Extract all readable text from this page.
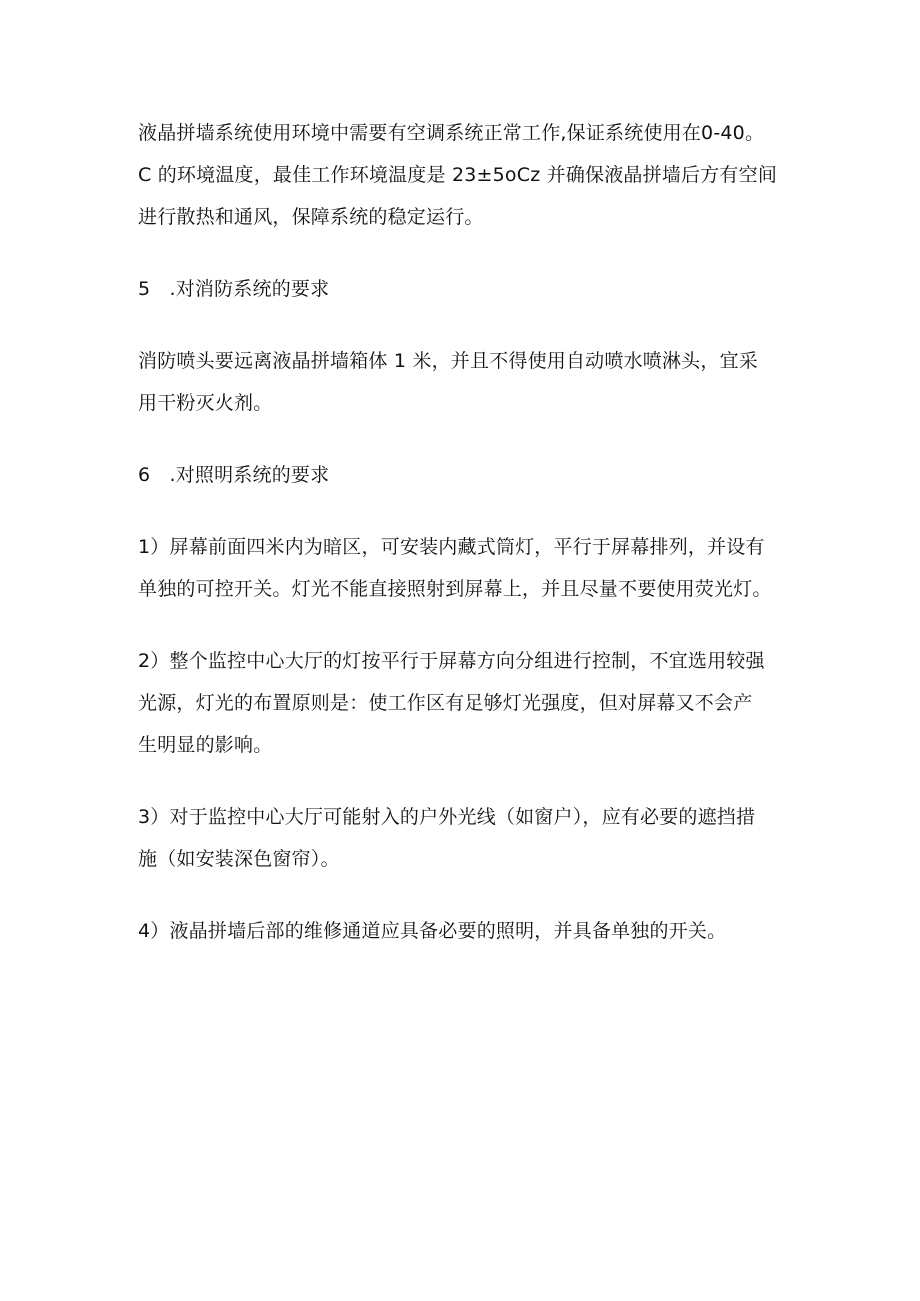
液晶拼墙系统使用环境中需要有空调系统正常工作,保证系统使用在0-40。
C 的环境温度，最佳工作环境温度是 23±5oCz 并确保液晶拼墙后方有空间
进行散热和通风，保障系统的稳定运行。
5　.对消防系统的要求
消防喷头要远离液晶拼墙箱体 1 米，并且不得使用自动喷水喷淋头，宜采
用干粉灭火剂。
6　.对照明系统的要求
1）屏幕前面四米内为暗区，可安装内藏式筒灯，平行于屏幕排列，并设有
单独的可控开关。灯光不能直接照射到屏幕上，并且尽量不要使用荧光灯。
2）整个监控中心大厅的灯按平行于屏幕方向分组进行控制，不宜选用较强
光源，灯光的布置原则是：使工作区有足够灯光强度，但对屏幕又不会产
生明显的影响。
3）对于监控中心大厅可能射入的户外光线（如窗户），应有必要的遮挡措
施（如安装深色窗帘）。
4）液晶拼墙后部的维修通道应具备必要的照明，并具备单独的开关。
